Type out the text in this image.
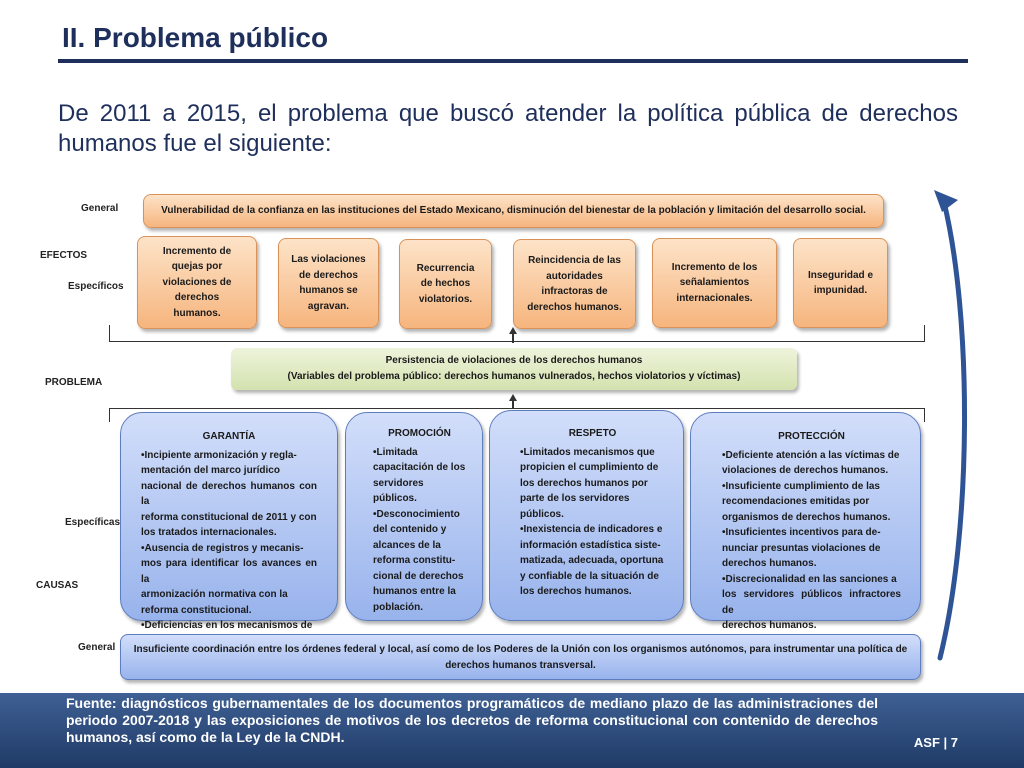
II. Problema público
De 2011 a 2015, el problema que buscó atender la política pública de derechos humanos fue el siguiente:
General
EFECTOS
Específicos
PROBLEMA
Específicas
CAUSAS
General
Vulnerabilidad de la confianza en las instituciones del Estado Mexicano, disminución del bienestar de la población y limitación del desarrollo social.
Incremento de
quejas por
violaciones de
derechos
humanos.
Las violaciones
de derechos
humanos se
agravan.
Recurrencia
de hechos
violatorios.
Reincidencia de las
autoridades
infractoras de
derechos humanos.
Incremento de los
señalamientos
internacionales.
Inseguridad e
impunidad.
Persistencia de violaciones de los derechos humanos
(Variables del problema público: derechos humanos vulnerados, hechos violatorios y víctimas)
GARANTÍA
•Incipiente armonización y regla-
mentación del marco jurídico
nacional de derechos humanos con la
reforma constitucional de 2011 y con
los tratados internacionales.
•Ausencia de registros y mecanis-
mos para identificar los avances en la
armonización normativa con la
reforma constitucional.
•Deficiencias en los mecanismos de
PROMOCIÓN
•Limitada
capacitación de los
servidores públicos.
•Desconocimiento
del contenido y
alcances de la
reforma constitu-
cional de derechos
humanos entre la
población.
RESPETO
•Limitados mecanismos que
propicien el cumplimiento de
los derechos humanos por
parte de los servidores
públicos.
•Inexistencia de indicadores e
información estadística siste-
matizada, adecuada, oportuna
y confiable de la situación de
los derechos humanos.
PROTECCIÓN
•Deficiente atención a las víctimas de
violaciones de derechos humanos.
•Insuficiente cumplimiento de las
recomendaciones emitidas por
organismos de derechos humanos.
•Insuficientes incentivos para de-
nunciar presuntas violaciones de
derechos humanos.
•Discrecionalidad en las sanciones a
los servidores públicos infractores de
derechos humanos.
Insuficiente coordinación entre los órdenes federal y local, así como de los Poderes de la Unión con los organismos autónomos, para instrumentar una política de
derechos humanos transversal.
Fuente: diagnósticos gubernamentales de los documentos programáticos de mediano plazo de las administraciones del periodo 2007-2018 y las exposiciones de motivos de los decretos de reforma constitucional con contenido de derechos humanos, así como de la Ley de la CNDH.	ASF | 7
